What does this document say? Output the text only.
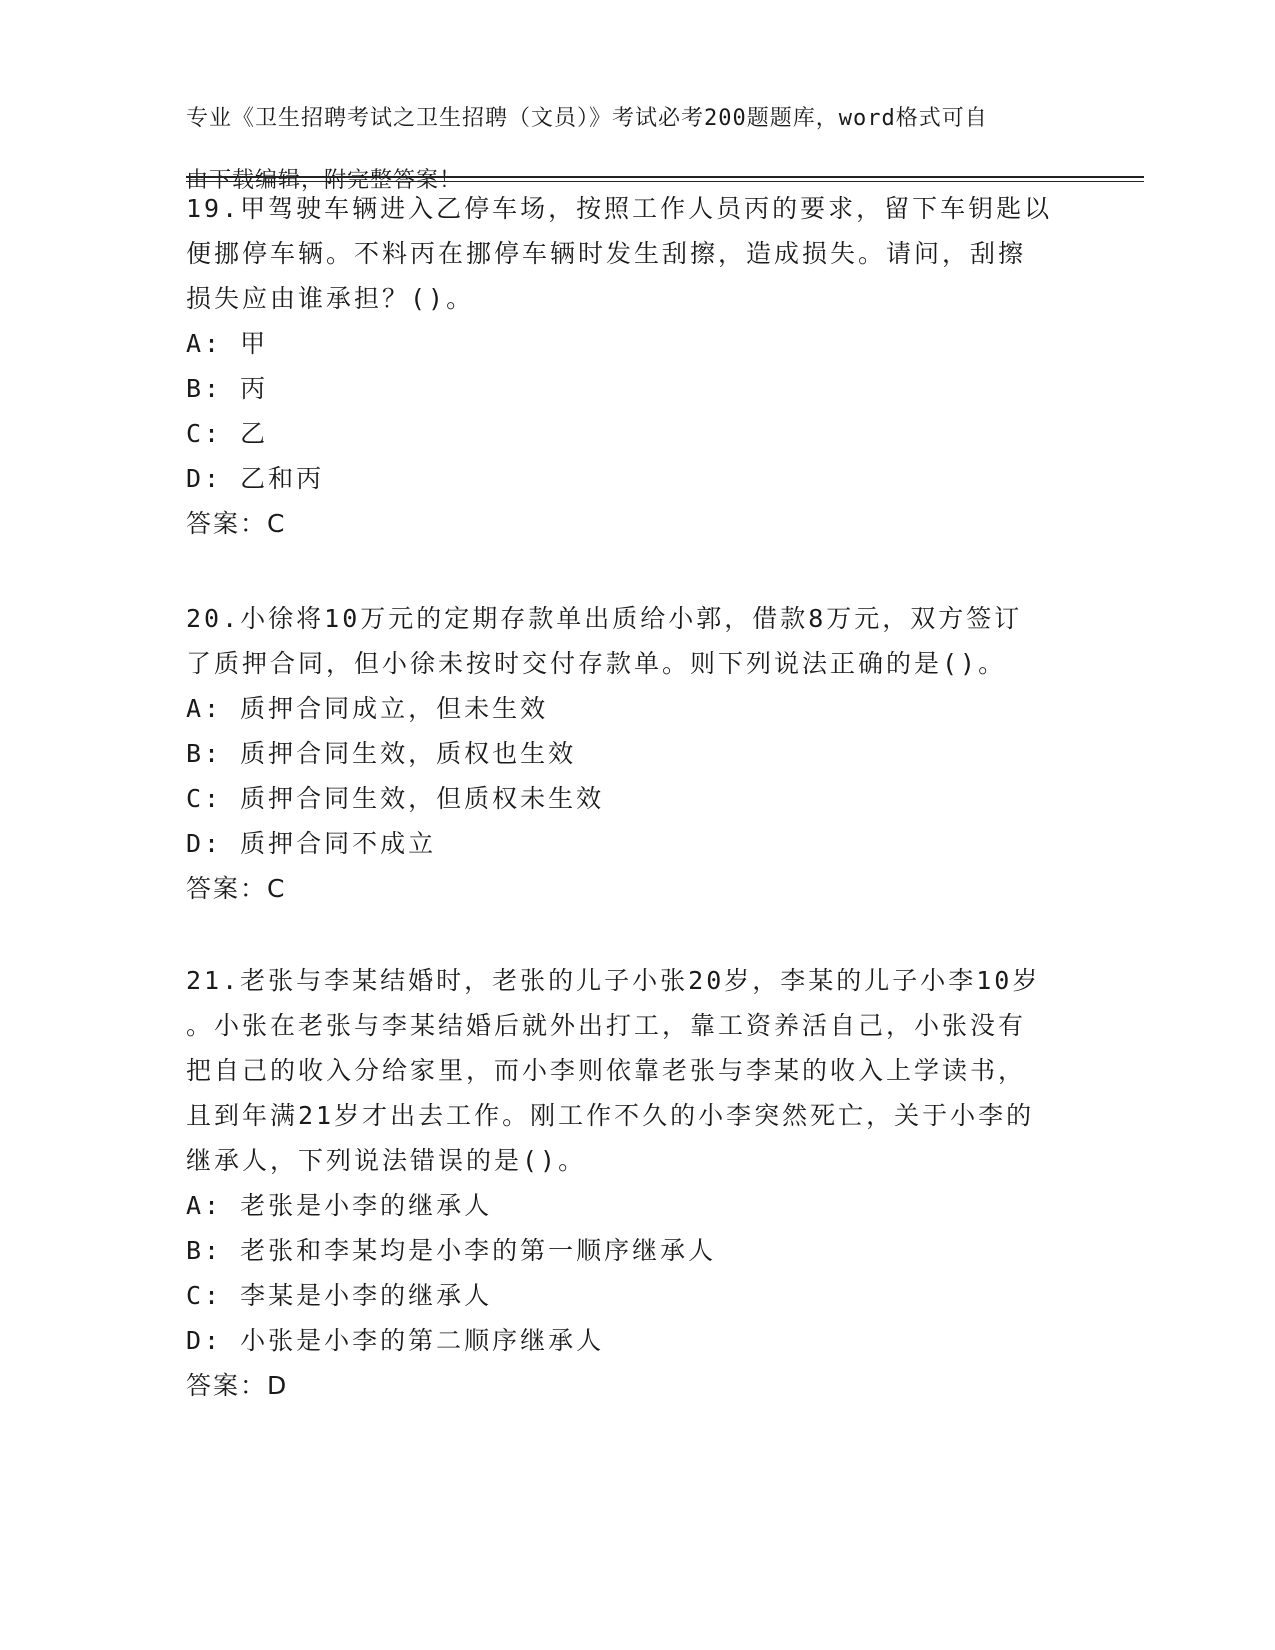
专业《卫生招聘考试之卫生招聘（文员）》考试必考200题题库，word格式可自

19.甲驾驶车辆进入乙停车场，按照工作人员丙的要求，留下车钥匙以

便挪停车辆。不料丙在挪停车辆时发生刮擦，造成损失。请问，刮擦

损失应由谁承担？()。

A: 甲

B: 丙

C: 乙

D: 乙和丙

答案：C

20.小徐将10万元的定期存款单出质给小郭，借款8万元，双方签订

了质押合同，但小徐未按时交付存款单。则下列说法正确的是()。

A: 质押合同成立，但未生效

B: 质押合同生效，质权也生效

C: 质押合同生效，但质权未生效

D: 质押合同不成立

答案：C

21.老张与李某结婚时，老张的儿子小张20岁，李某的儿子小李10岁

。小张在老张与李某结婚后就外出打工，靠工资养活自己，小张没有

把自己的收入分给家里，而小李则依靠老张与李某的收入上学读书，

且到年满21岁才出去工作。刚工作不久的小李突然死亡，关于小李的

继承人，下列说法错误的是()。

A: 老张是小李的继承人

B: 老张和李某均是小李的第一顺序继承人

C: 李某是小李的继承人

D: 小张是小李的第二顺序继承人

答案：D
